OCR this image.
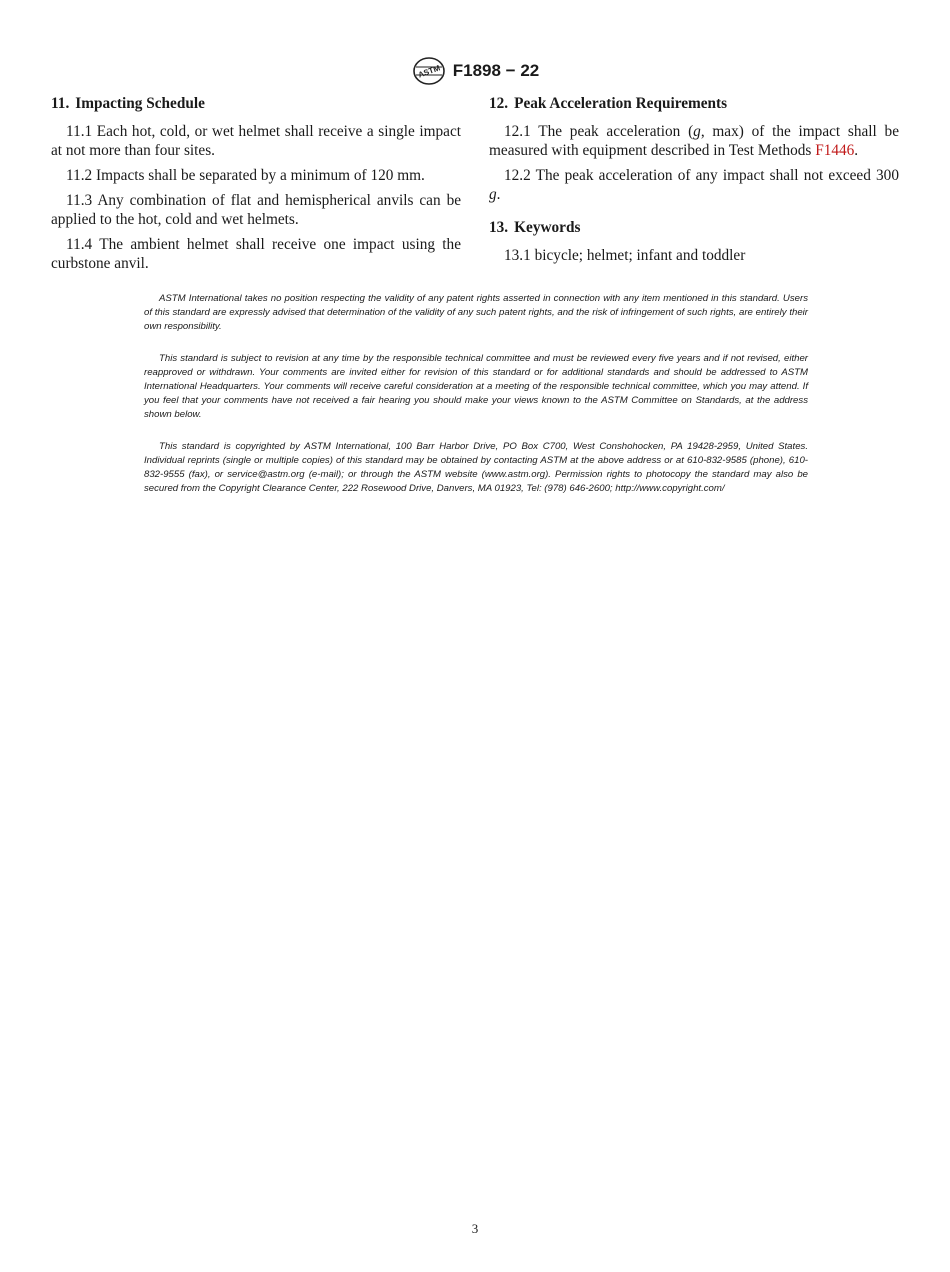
ASTM F1898 − 22
11. Impacting Schedule

11.1 Each hot, cold, or wet helmet shall receive a single impact at not more than four sites.

11.2 Impacts shall be separated by a minimum of 120 mm.

11.3 Any combination of flat and hemispherical anvils can be applied to the hot, cold and wet helmets.

11.4 The ambient helmet shall receive one impact using the curbstone anvil.

12. Peak Acceleration Requirements

12.1 The peak acceleration (g, max) of the impact shall be measured with equipment described in Test Methods F1446.

12.2 The peak acceleration of any impact shall not exceed 300 g.

13. Keywords

13.1 bicycle; helmet; infant and toddler

ASTM International takes no position respecting the validity of any patent rights asserted in connection with any item mentioned in this standard. Users of this standard are expressly advised that determination of the validity of any such patent rights, and the risk of infringement of such rights, are entirely their own responsibility.

This standard is subject to revision at any time by the responsible technical committee and must be reviewed every five years and if not revised, either reapproved or withdrawn. Your comments are invited either for revision of this standard or for additional standards and should be addressed to ASTM International Headquarters. Your comments will receive careful consideration at a meeting of the responsible technical committee, which you may attend. If you feel that your comments have not received a fair hearing you should make your views known to the ASTM Committee on Standards, at the address shown below.

This standard is copyrighted by ASTM International, 100 Barr Harbor Drive, PO Box C700, West Conshohocken, PA 19428-2959, United States. Individual reprints (single or multiple copies) of this standard may be obtained by contacting ASTM at the above address or at 610-832-9585 (phone), 610-832-9555 (fax), or service@astm.org (e-mail); or through the ASTM website (www.astm.org). Permission rights to photocopy the standard may also be secured from the Copyright Clearance Center, 222 Rosewood Drive, Danvers, MA 01923, Tel: (978) 646-2600; http://www.copyright.com/

3
